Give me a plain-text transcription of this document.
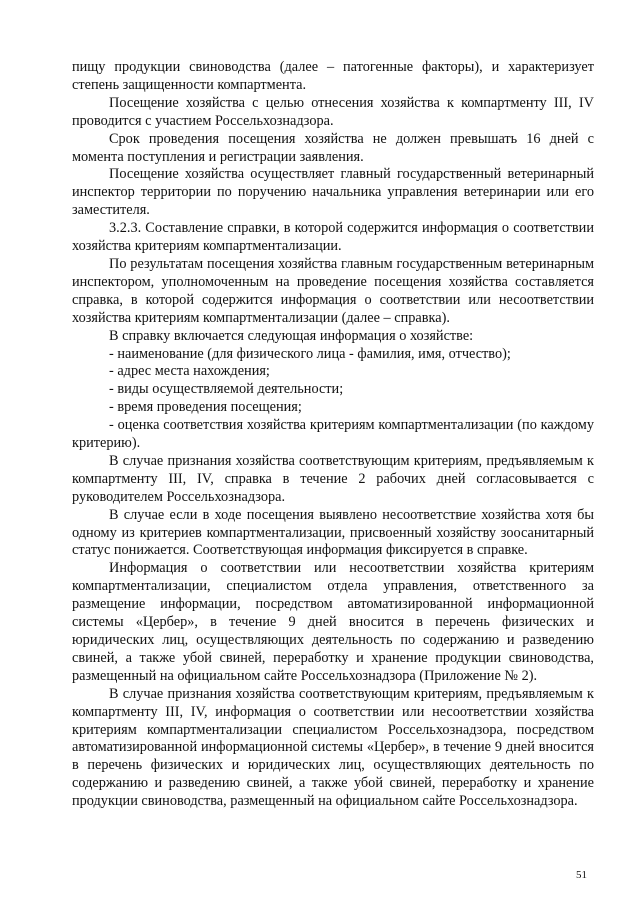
пищу продукции свиноводства (далее – патогенные факторы), и характеризует степень защищенности компартмента.

Посещение хозяйства с целью отнесения хозяйства к компартменту III, IV проводится с участием Россельхознадзора.

Срок проведения посещения хозяйства не должен превышать 16 дней с момента поступления и регистрации заявления.

Посещение хозяйства осуществляет главный государственный ветеринарный инспектор территории по поручению начальника управления ветеринарии или его заместителя.

3.2.3. Составление справки, в которой содержится информация о соответствии хозяйства критериям компартментализации.

По результатам посещения хозяйства главным государственным ветеринарным инспектором, уполномоченным на проведение посещения хозяйства составляется справка, в которой содержится информация о соответствии или несоответствии хозяйства критериям компартментализации (далее – справка).

В справку включается следующая информация о хозяйстве:

- наименование (для физического лица - фамилия, имя, отчество);

- адрес места нахождения;

- виды осуществляемой деятельности;

- время проведения посещения;

- оценка соответствия хозяйства критериям компартментализации (по каждому критерию).

В случае признания хозяйства соответствующим критериям, предъявляемым к компартменту III, IV, справка в течение 2 рабочих дней согласовывается с руководителем Россельхознадзора.

В случае если в ходе посещения выявлено несоответствие хозяйства хотя бы одному из критериев компартментализации, присвоенный хозяйству зоосанитарный статус понижается. Соответствующая информация фиксируется в справке.

Информация о соответствии или несоответствии хозяйства критериям компартментализации, специалистом отдела управления, ответственного за размещение информации, посредством автоматизированной информационной системы «Цербер», в течение 9 дней вносится в перечень физических и юридических лиц, осуществляющих деятельность по содержанию и разведению свиней, а также убой свиней, переработку и хранение продукции свиноводства, размещенный на официальном сайте Россельхознадзора (Приложение № 2).

В случае признания хозяйства соответствующим критериям, предъявляемым к компартменту III, IV, информация о соответствии или несоответствии хозяйства критериям компартментализации специалистом Россельхознадзора, посредством автоматизированной информационной системы «Цербер», в течение 9 дней вносится в перечень физических и юридических лиц, осуществляющих деятельность по содержанию и разведению свиней, а также убой свиней, переработку и хранение продукции свиноводства, размещенный на официальном сайте Россельхознадзора.

51
